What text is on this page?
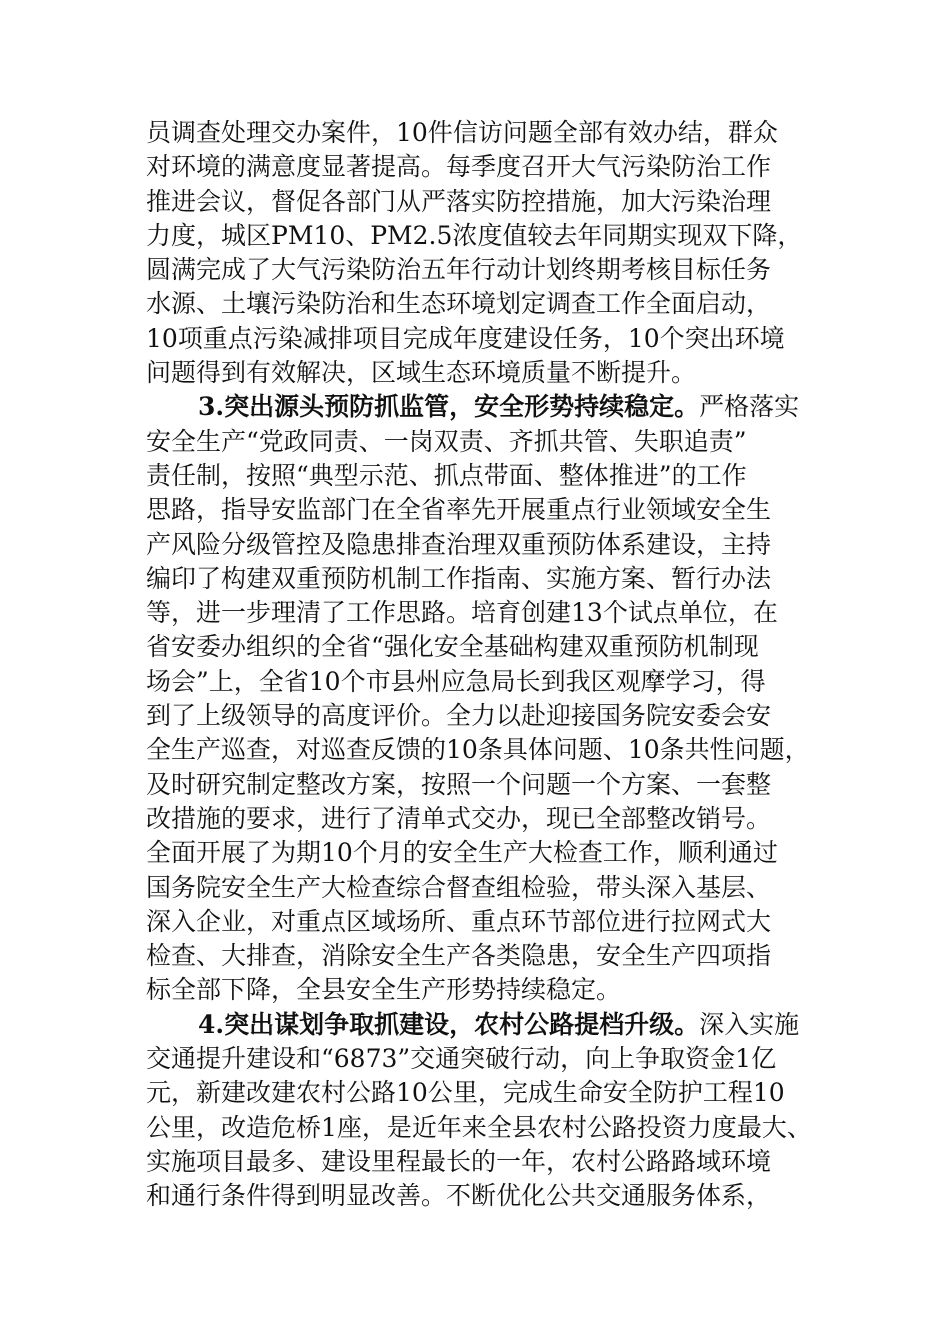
员调查处理交办案件，10件信访问题全部有效办结，群众
对环境的满意度显著提高。每季度召开大气污染防治工作
推进会议，督促各部门从严落实防控措施，加大污染治理
力度，城区PM10、PM2.5浓度值较去年同期实现双下降，
圆满完成了大气污染防治五年行动计划终期考核目标任务
水源、土壤污染防治和生态环境划定调查工作全面启动，
10项重点污染减排项目完成年度建设任务，10个突出环境
问题得到有效解决，区域生态环境质量不断提升。
3.突出源头预防抓监管，安全形势持续稳定。严格落实
安全生产“党政同责、一岗双责、齐抓共管、失职追责”
责任制，按照“典型示范、抓点带面、整体推进”的工作
思路，指导安监部门在全省率先开展重点行业领域安全生
产风险分级管控及隐患排查治理双重预防体系建设，主持
编印了构建双重预防机制工作指南、实施方案、暂行办法
等，进一步理清了工作思路。培育创建13个试点单位，在
省安委办组织的全省“强化安全基础构建双重预防机制现
场会”上，全省10个市县州应急局长到我区观摩学习，得
到了上级领导的高度评价。全力以赴迎接国务院安委会安
全生产巡查，对巡查反馈的10条具体问题、10条共性问题，
及时研究制定整改方案，按照一个问题一个方案、一套整
改措施的要求，进行了清单式交办，现已全部整改销号。
全面开展了为期10个月的安全生产大检查工作，顺利通过
国务院安全生产大检查综合督查组检验，带头深入基层、
深入企业，对重点区域场所、重点环节部位进行拉网式大
检查、大排查，消除安全生产各类隐患，安全生产四项指
标全部下降，全县安全生产形势持续稳定。
4.突出谋划争取抓建设，农村公路提档升级。深入实施
交通提升建设和“6873”交通突破行动，向上争取资金1亿
元，新建改建农村公路10公里，完成生命安全防护工程10
公里，改造危桥1座，是近年来全县农村公路投资力度最大、
实施项目最多、建设里程最长的一年，农村公路路域环境
和通行条件得到明显改善。不断优化公共交通服务体系，
